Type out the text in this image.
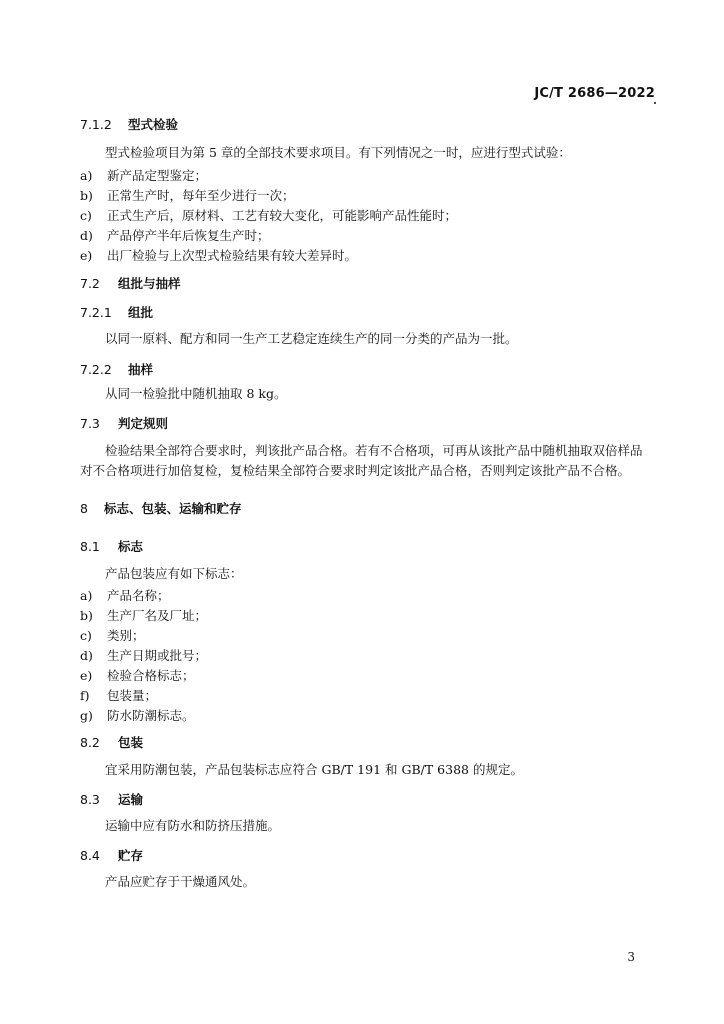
JC/T 2686—2022
7.1.2 型式检验
型式检验项目为第 5 章的全部技术要求项目。有下列情况之一时，应进行型式试验：
a) 新产品定型鉴定；
b) 正常生产时，每年至少进行一次；
c) 正式生产后，原材料、工艺有较大变化，可能影响产品性能时；
d) 产品停产半年后恢复生产时；
e) 出厂检验与上次型式检验结果有较大差异时。
7.2 组批与抽样
7.2.1 组批
以同一原料、配方和同一生产工艺稳定连续生产的同一分类的产品为一批。
7.2.2 抽样
从同一检验批中随机抽取 8 kg。
7.3 判定规则
检验结果全部符合要求时，判该批产品合格。若有不合格项，可再从该批产品中随机抽取双倍样品
对不合格项进行加倍复检，复检结果全部符合要求时判定该批产品合格，否则判定该批产品不合格。
8 标志、包装、运输和贮存
8.1 标志
产品包装应有如下标志：
a) 产品名称；
b) 生产厂名及厂址；
c) 类别；
d) 生产日期或批号；
e) 检验合格标志；
f) 包装量；
g) 防水防潮标志。
8.2 包装
宜采用防潮包装，产品包装标志应符合 GB/T 191 和 GB/T 6388 的规定。
8.3 运输
运输中应有防水和防挤压措施。
8.4 贮存
产品应贮存于干燥通风处。
3
